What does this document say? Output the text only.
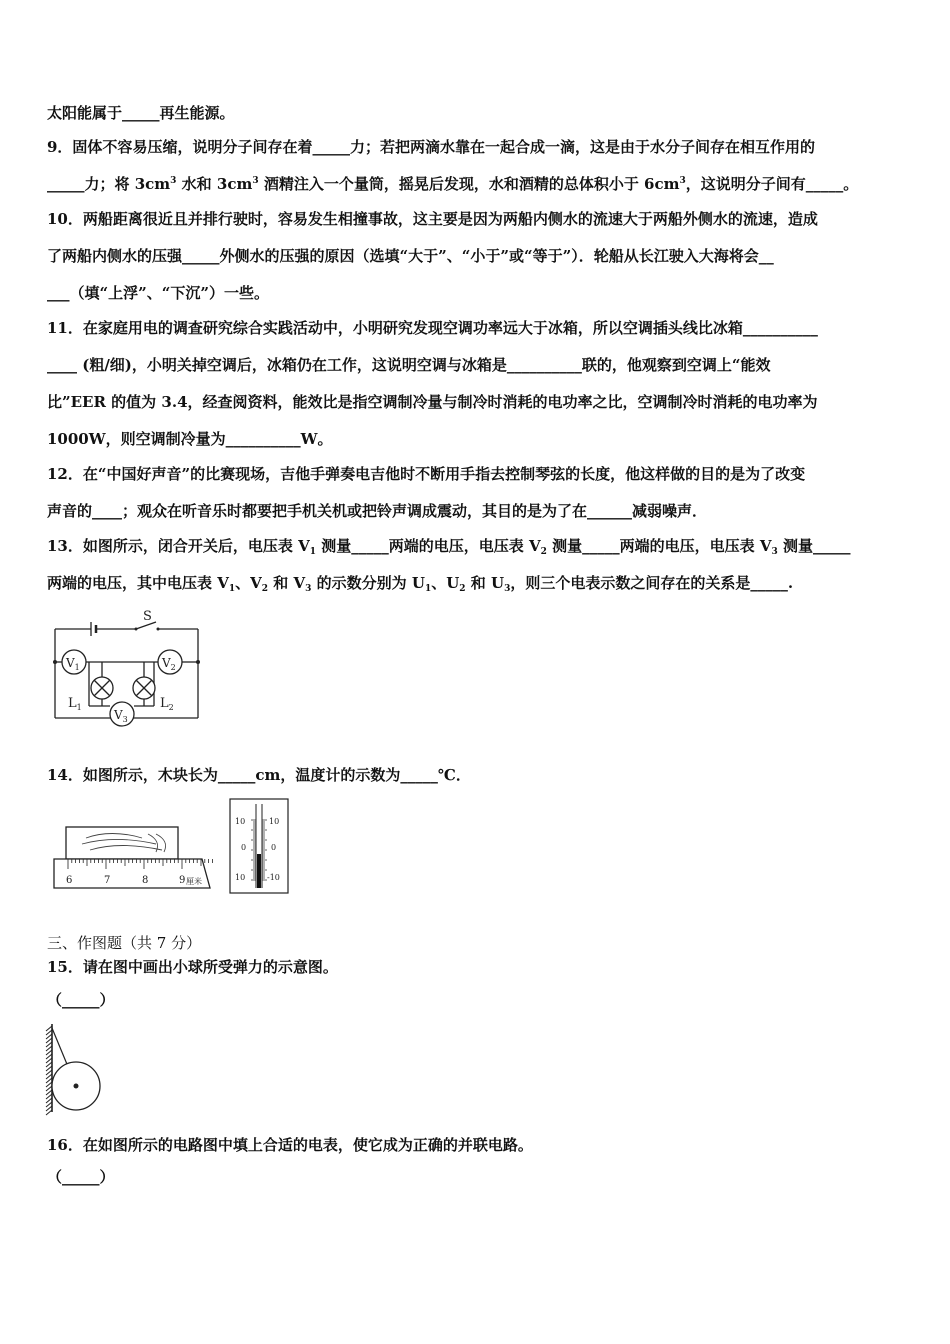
太阳能属于_____再生能源。
9．固体不容易压缩，说明分子间存在着_____力；若把两滴水靠在一起合成一滴，这是由于水分子间存在相互作用的
_____力；将 $3cm^3$ 水和 $3cm^3$ 酒精注入一个量筒，摇晃后发现，水和酒精的总体积小于 $6cm^3$，这说明分子间有_____。
10．两船距离很近且并排行驶时，容易发生相撞事故，这主要是因为两船内侧水的流速大于两船外侧水的流速，造成
了两船内侧水的压强_____外侧水的压强的原因（选填“大于”、“小于”或“等于”）．轮船从长江驶入大海将会__
___（填“上浮”、“下沉”）一些。
11．在家庭用电的调查研究综合实践活动中，小明研究发现空调功率远大于冰箱，所以空调插头线比冰箱__________
____ (粗/细)，小明关掉空调后，冰箱仍在工作，这说明空调与冰箱是__________联的，他观察到空调上“能效
比”EER 的值为 3.4，经查阅资料，能效比是指空调制冷量与制冷时消耗的电功率之比，空调制冷时消耗的电功率为
1000W，则空调制冷量为__________W。
12．在“中国好声音”的比赛现场，吉他手弹奏电吉他时不断用手指去控制琴弦的长度，他这样做的目的是为了改变
声音的____；观众在听音乐时都要把手机关机或把铃声调成震动，其目的是为了在______减弱噪声．
13．如图所示，闭合开关后，电压表 $V_1$ 测量_____两端的电压，电压表 $V_2$ 测量_____两端的电压，电压表 $V_3$ 测量_____
两端的电压，其中电压表 $V_1$、$V_2$ 和 $V_3$ 的示数分别为 $U_1$、$U_2$ 和 $U_3$，则三个电表示数之间存在的关系是_____.
S
$V_1$	$V_2$
$L_1$	$L_2$
$V_3$
14．如图所示，木块长为_____cm，温度计的示数为_____℃．
6	7	8	9 厘米
10
0
10
10
0
-10
三、作图题（共 7 分）
15．请在图中画出小球所受弹力的示意图。
（_____）
16．在如图所示的电路图中填上合适的电表，使它成为正确的并联电路。
（_____）
